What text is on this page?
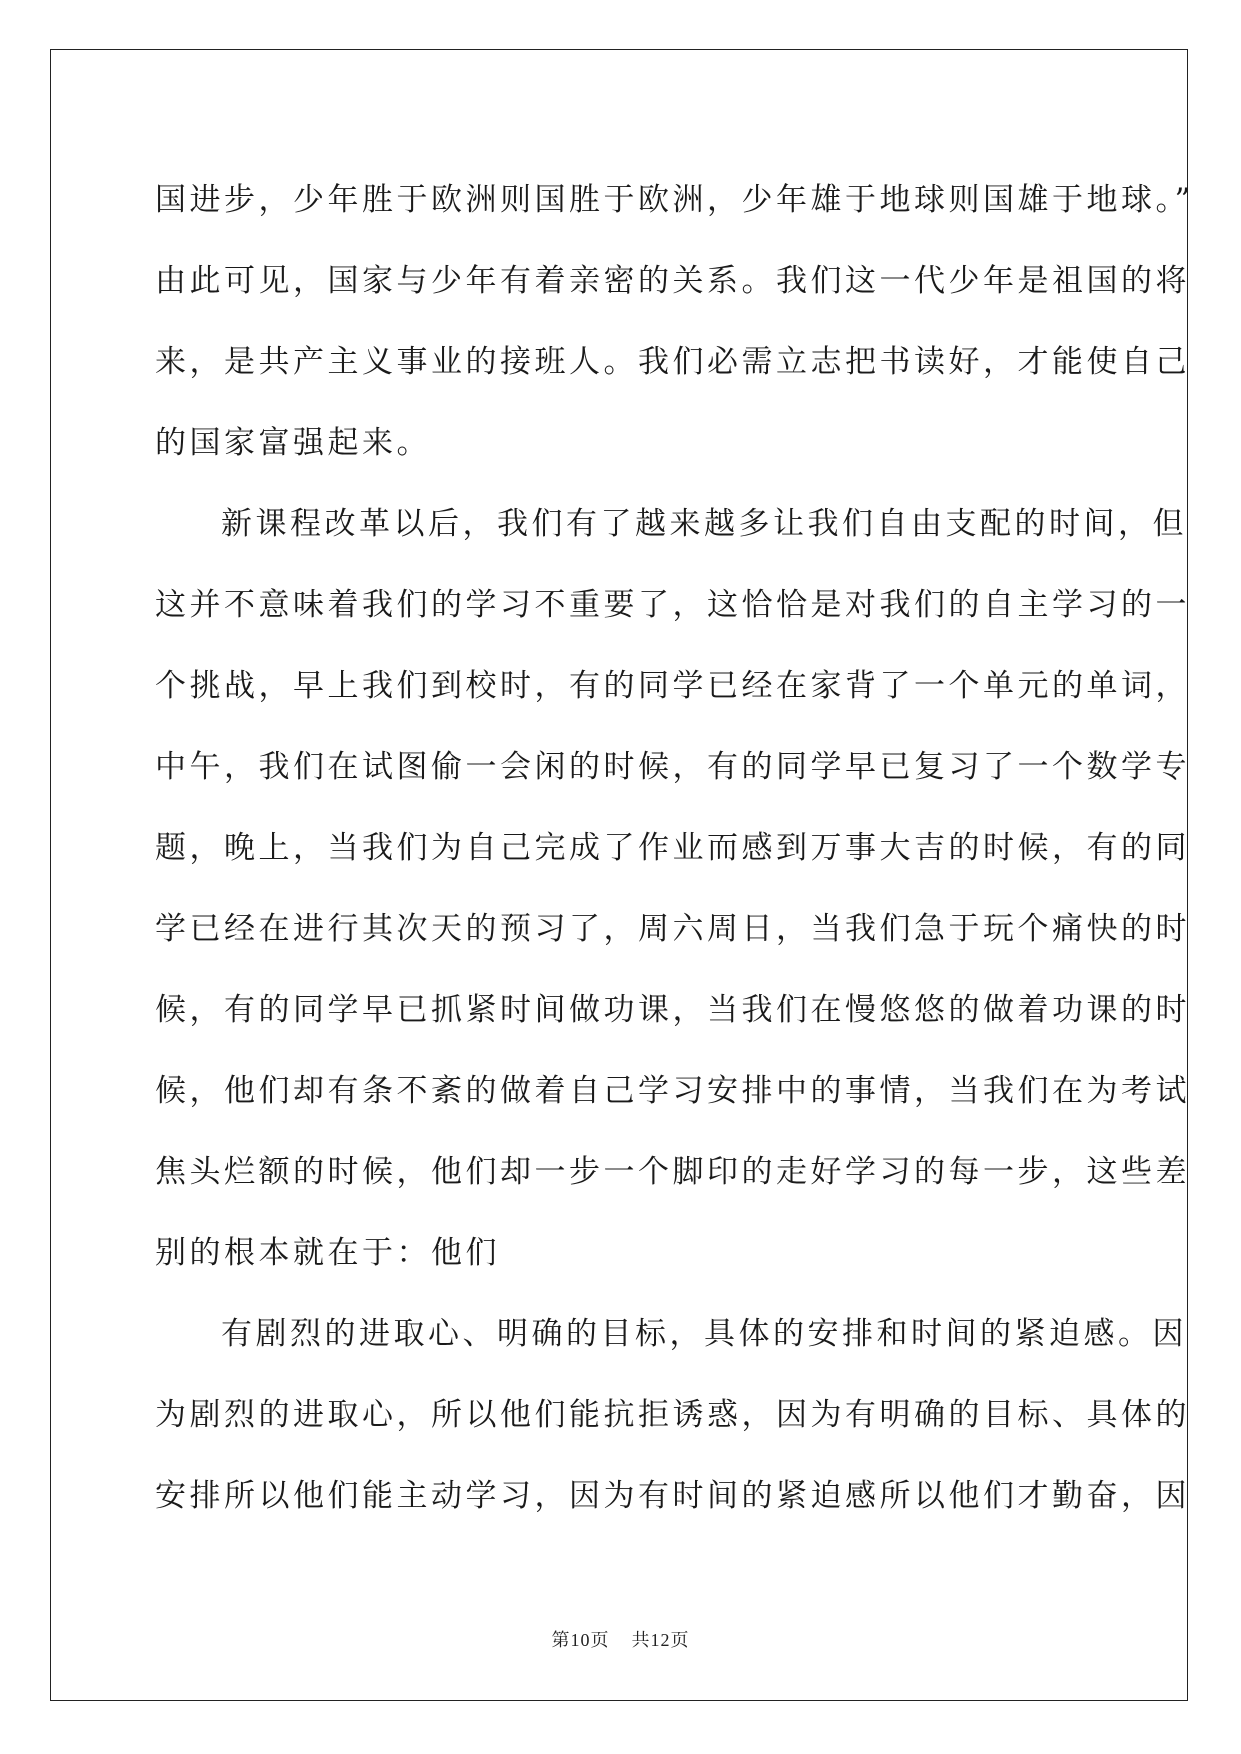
国进步，少年胜于欧洲则国胜于欧洲，少年雄于地球则国雄于地球。”
由此可见，国家与少年有着亲密的关系。我们这一代少年是祖国的将
来，是共产主义事业的接班人。我们必需立志把书读好，才能使自己
的国家富强起来。
新课程改革以后，我们有了越来越多让我们自由支配的时间，但
这并不意味着我们的学习不重要了，这恰恰是对我们的自主学习的一
个挑战，早上我们到校时，有的同学已经在家背了一个单元的单词，
中午，我们在试图偷一会闲的时候，有的同学早已复习了一个数学专
题，晚上，当我们为自己完成了作业而感到万事大吉的时候，有的同
学已经在进行其次天的预习了，周六周日，当我们急于玩个痛快的时
候，有的同学早已抓紧时间做功课，当我们在慢悠悠的做着功课的时
候，他们却有条不紊的做着自己学习安排中的事情，当我们在为考试
焦头烂额的时候，他们却一步一个脚印的走好学习的每一步，这些差
别的根本就在于：他们
有剧烈的进取心、明确的目标，具体的安排和时间的紧迫感。因
为剧烈的进取心，所以他们能抗拒诱惑，因为有明确的目标、具体的
安排所以他们能主动学习，因为有时间的紧迫感所以他们才勤奋，因
第10页 共12页
